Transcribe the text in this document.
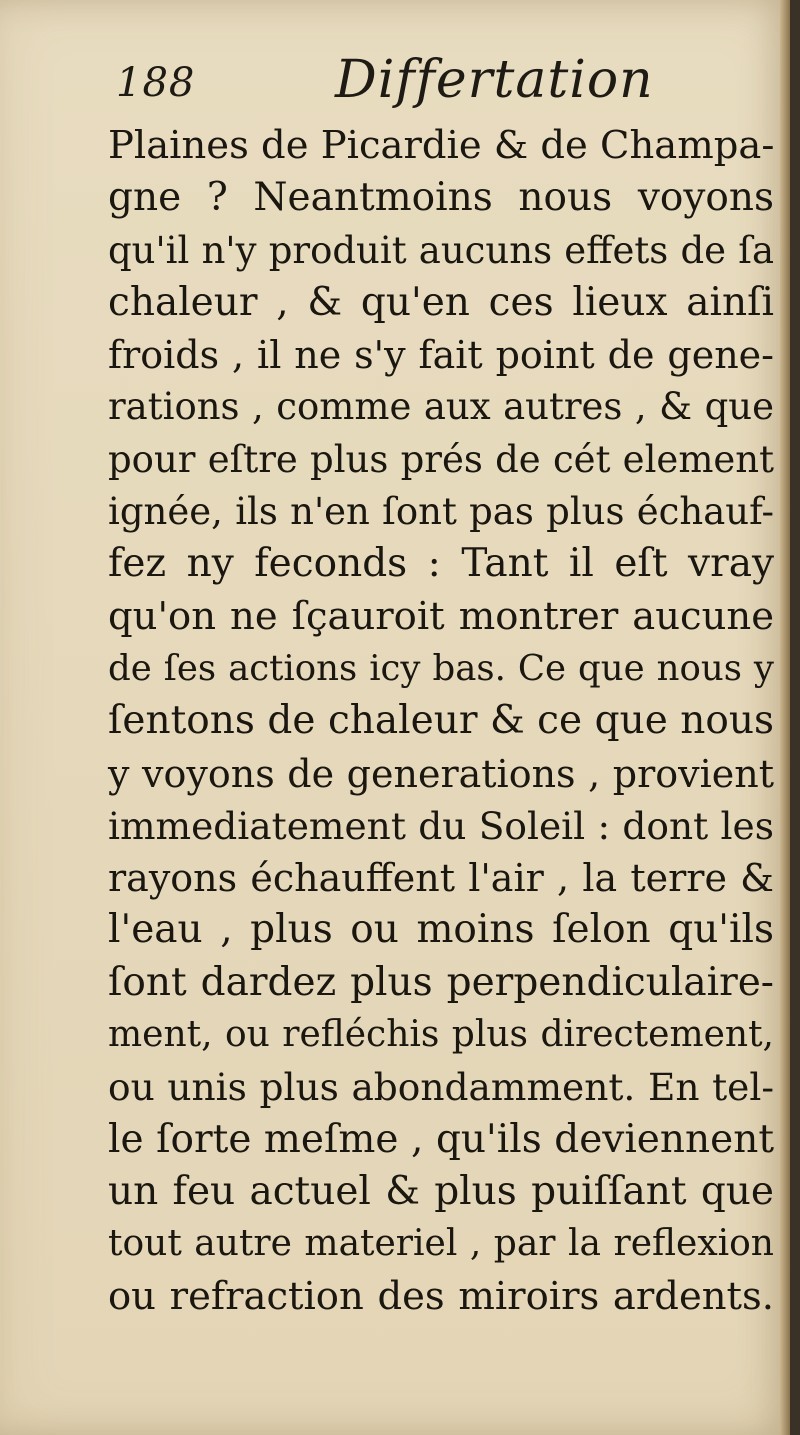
188	Differtation
Plaines de Picardie & de Champa-
gne ? Neantmoins nous voyons
qu'il n'y produit aucuns effets de ſa
chaleur , & qu'en ces lieux ainſi
froids , il ne s'y fait point de gene-
rations , comme aux autres , & que
pour eſtre plus prés de cét element
ignée, ils n'en ſont pas plus échauf-
fez ny feconds : Tant il eſt vray
qu'on ne ſçauroit montrer aucune
de ſes actions icy bas. Ce que nous y
ſentons de chaleur & ce que nous
y voyons de generations , provient
immediatement du Soleil : dont les
rayons échauffent l'air , la terre &
l'eau , plus ou moins ſelon qu'ils
ſont dardez plus perpendiculaire-
ment, ou refléchis plus directement,
ou unis plus abondamment. En tel-
le ſorte meſme , qu'ils deviennent
un feu actuel & plus puiſſant que
tout autre materiel , par la reflexion
ou refraction des miroirs ardents.
